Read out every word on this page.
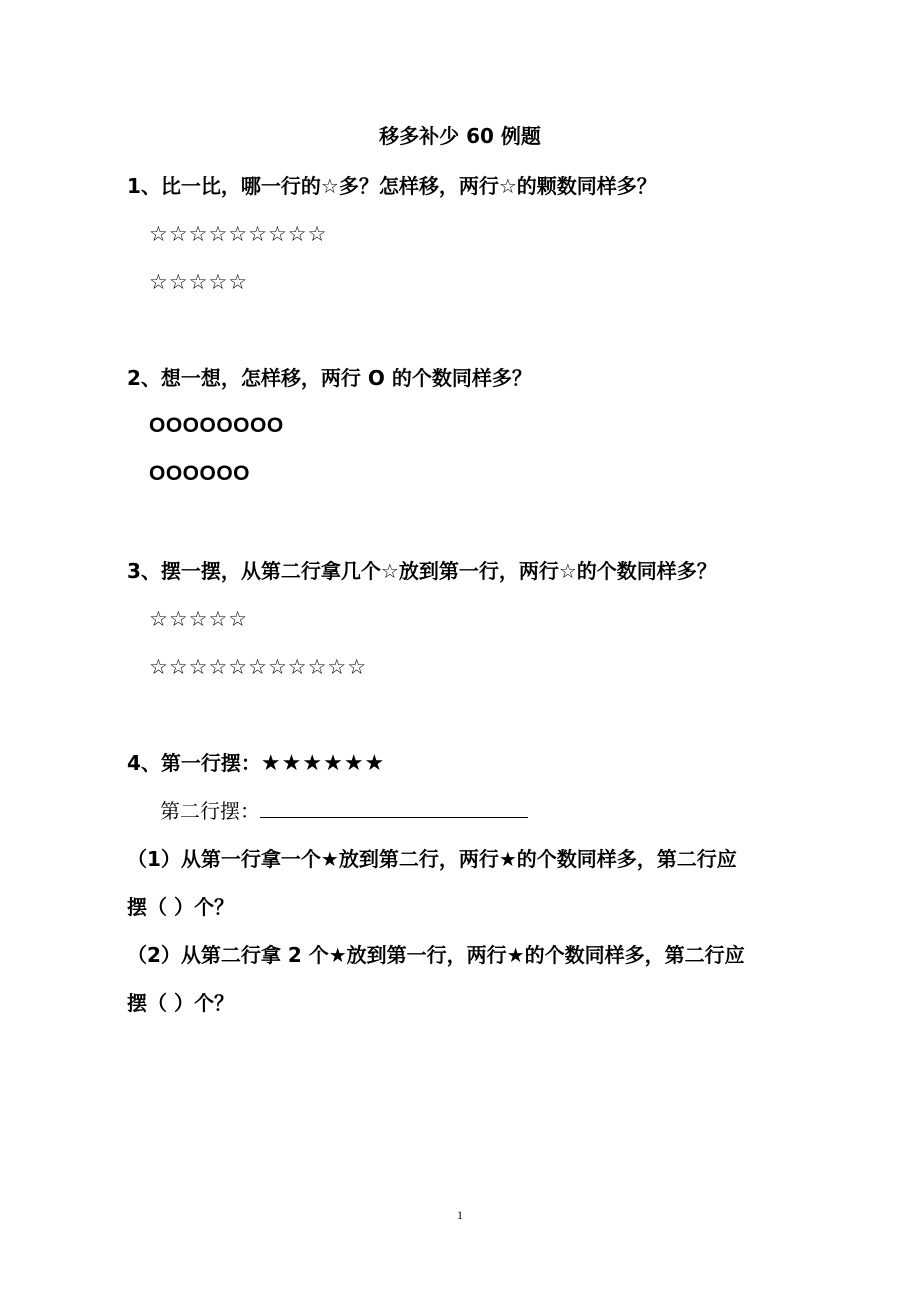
移多补少 60 例题
1、比一比，哪一行的☆多？怎样移，两行☆的颗数同样多？
☆☆☆☆☆☆☆☆☆
☆☆☆☆☆
2、想一想，怎样移，两行 O 的个数同样多？
OOOOOOOO
OOOOOO
3、摆一摆，从第二行拿几个☆放到第一行，两行☆的个数同样多？
☆☆☆☆☆
☆☆☆☆☆☆☆☆☆☆☆
4、第一行摆：★★★★★★
第二行摆：
（1）从第一行拿一个★放到第二行，两行★的个数同样多，第二行应
摆（ ）个？
（2）从第二行拿 2 个★放到第一行，两行★的个数同样多，第二行应
摆（ ）个？
1
